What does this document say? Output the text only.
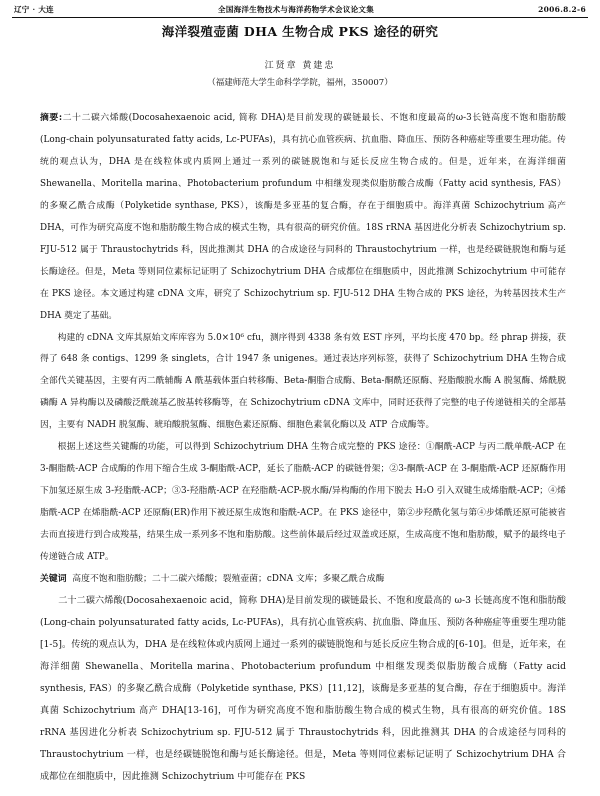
辽宁 · 大连	全国海洋生物技术与海洋药物学术会议论文集	2006.8.2-6
海洋裂殖壶菌 DHA 生物合成 PKS 途径的研究
江贤章 黄建忠
（福建师范大学生命科学学院，福州，350007）

摘要:二十二碳六烯酸(Docosahexaenoic acid, 简称 DHA)是目前发现的碳链最长、不饱和度最高的ω-3长链高度不饱和脂肪酸(Long-chain polyunsaturated fatty acids, Lc-PUFAs)，具有抗心血管疾病、抗血脂、降血压、预防各种癌症等重要生理功能。传统的观点认为，DHA 是在线粒体或内质网上通过一系列的碳链脱饱和与延长反应生物合成的。但是，近年来，在海洋细菌 Shewanella、Moritella marina、Photobacterium profundum 中相继发现类似脂肪酸合成酶（Fatty acid synthesis, FAS）的多聚乙酰合成酶（Polyketide synthase, PKS），该酶是多亚基的复合酶，存在于细胞质中。海洋真菌 Schizochytrium 高产 DHA，可作为研究高度不饱和脂肪酸生物合成的模式生物，具有很高的研究价值。18S rRNA 基因进化分析表 Schizochytrium sp. FJU-512 属于 Thraustochytrids 科，因此推测其 DHA 的合成途径与同科的 Thraustochytrium 一样，也是经碳链脱饱和酶与延长酶途径。但是，Meta 等则同位素标记证明了 Schizochytrium DHA 合成都位在细胞质中，因此推测 Schizochytrium 中可能存在 PKS 途径。本文通过构建 cDNA 文库，研究了 Schizochytrium sp. FJU-512 DHA 生物合成的 PKS 途径，为转基因技术生产 DHA 奠定了基础。

构建的 cDNA 文库其原始文库库容为 5.0×10⁶ cfu，测序得到 4338 条有效 EST 序列，平均长度 470 bp。经 phrap 拼接，获得了 648 条 contigs、1299 条 singlets，合计 1947 条 unigenes。通过表达序列标签，获得了 Schizochytrium DHA 生物合成全部代关键基因，主要有丙二酰辅酶 A 酰基载体蛋白转移酶、Beta-酮脂合成酶、Beta-酮酰还原酶、羟脂酸脱水酶 A 脱氢酶、烯酰脱磷酶 A 异构酶以及磷酸泛酰巯基乙胺基转移酶等，在 Schizochytrium cDNA 文库中，同时还获得了完整的电子传递链相关的全部基因，主要有 NADH 脱氢酶、琥珀酸脱氢酶、细胞色素还原酶、细胞色素氧化酶以及 ATP 合成酶等。

根据上述这些关键酶的功能，可以得到 Schizochytrium DHA 生物合成完整的 PKS 途径：①酮酰-ACP 与丙二酰单酰-ACP 在 3-酮脂酰-ACP 合成酶的作用下缩合生成 3-酮脂酰-ACP，延长了脂酰-ACP 的碳链骨架；②3-酮酰-ACP 在 3-酮脂酰-ACP 还原酶作用下加氢还原生成 3-羟脂酰-ACP；③3-羟脂酰-ACP 在羟脂酰-ACP-脱水酶/异构酶的作用下脱去 H₂O 引入双键生成烯脂酰-ACP；④烯脂酰-ACP 在烯脂酰-ACP 还原酶(ER)作用下被还原生成饱和脂酰-ACP。在 PKS 途径中，第②步羟酰化氢与第④步烯酰还原可能被省去而直接进行到合成羧基，结果生成一系列多不饱和脂肪酸。这些前体最后经过双盖或还原，生成高度不饱和脂肪酸，赋予的最终电子传递链合成 ATP。

关键词 高度不饱和脂肪酸；二十二碳六烯酸；裂殖壶菌；cDNA 文库；多聚乙酰合成酶

二十二碳六烯酸(Docosahexaenoic acid，简称 DHA)是目前发现的碳链最长、不饱和度最高的 ω-3 长链高度不饱和脂肪酸(Long-chain polyunsaturated fatty acids, Lc-PUFAs)，具有抗心血管疾病、抗血脂、降血压、预防各种癌症等重要生理功能[1-5]。传统的观点认为，DHA 是在线粒体或内质网上通过一系列的碳链脱饱和与延长反应生物合成的[6-10]。但是，近年来，在海洋细菌 Shewanella、Moritella marina、Photobacterium profundum 中相继发现类似脂肪酸合成酶（Fatty acid synthesis, FAS）的多聚乙酰合成酶（Polyketide synthase, PKS）[11,12]，该酶是多亚基的复合酶，存在于细胞质中。海洋真菌 Schizochytrium 高产 DHA[13-16]，可作为研究高度不饱和脂肪酸生物合成的模式生物，具有很高的研究价值。18S rRNA 基因进化分析表 Schizochytrium sp. FJU-512 属于 Thraustochytrids 科，因此推测其 DHA 的合成途径与同科的 Thraustochytrium 一样，也是经碳链脱饱和酶与延长酶途径。但是，Meta 等则同位素标记证明了 Schizochytrium DHA 合成都位在细胞质中，因此推测 Schizochytrium 中可能存在 PKS
